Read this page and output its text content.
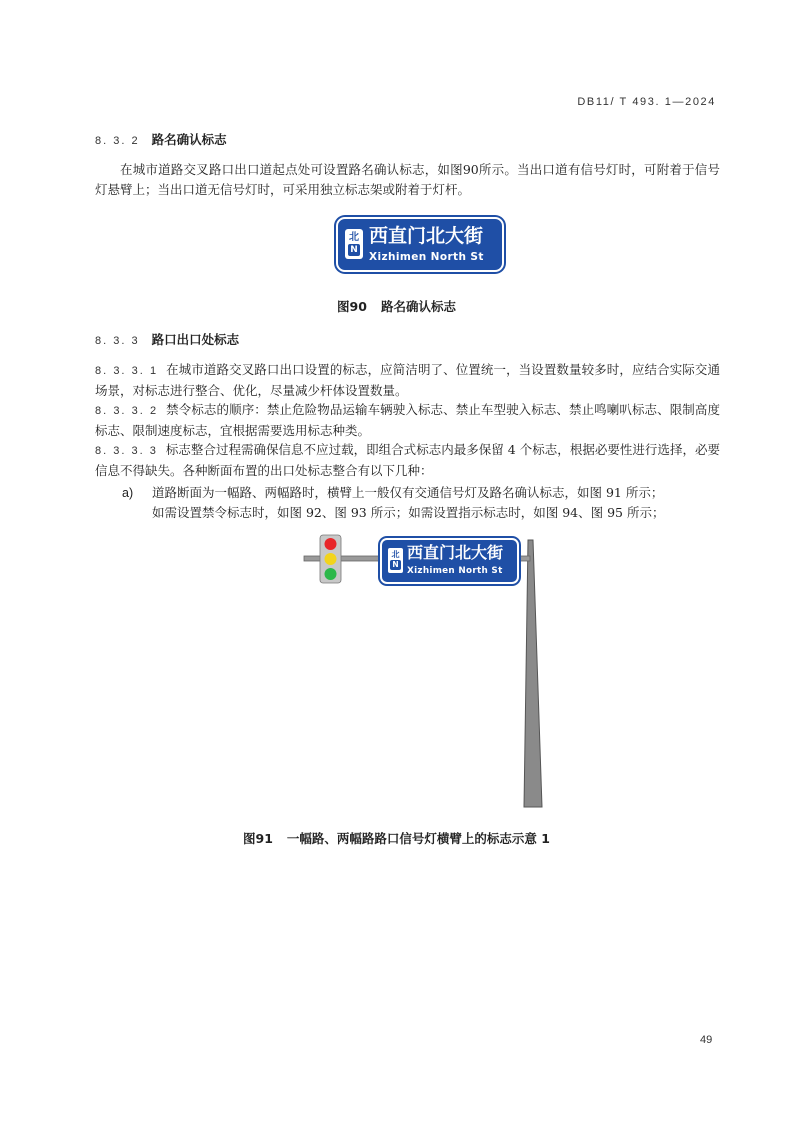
DB11/ T 493. 1—2024
8. 3. 2 路名确认标志
在城市道路交叉路口出口道起点处可设置路名确认标志，如图90所示。当出口道有信号灯时，可附着于信号灯悬臂上；当出口道无信号灯时，可采用独立标志架或附着于灯杆。
北
N
西直门北大街
Xizhimen North St
图90 路名确认标志
8. 3. 3 路口出口处标志
8. 3. 3. 1 在城市道路交叉路口出口设置的标志，应简洁明了、位置统一，当设置数量较多时，应结合实际交通场景，对标志进行整合、优化，尽量减少杆体设置数量。
8. 3. 3. 2 禁令标志的顺序：禁止危险物品运输车辆驶入标志、禁止车型驶入标志、禁止鸣喇叭标志、限制高度标志、限制速度标志，宜根据需要选用标志种类。
8. 3. 3. 3 标志整合过程需确保信息不应过载，即组合式标志内最多保留 4 个标志，根据必要性进行选择，必要信息不得缺失。各种断面布置的出口处标志整合有以下几种：
a) 道路断面为一幅路、两幅路时，横臂上一般仅有交通信号灯及路名确认标志，如图 91 所示；
如需设置禁令标志时，如图 92、图 93 所示；如需设置指示标志时，如图 94、图 95 所示；
北
N
西直门北大街
Xizhimen North St
图91 一幅路、两幅路路口信号灯横臂上的标志示意 1
49
